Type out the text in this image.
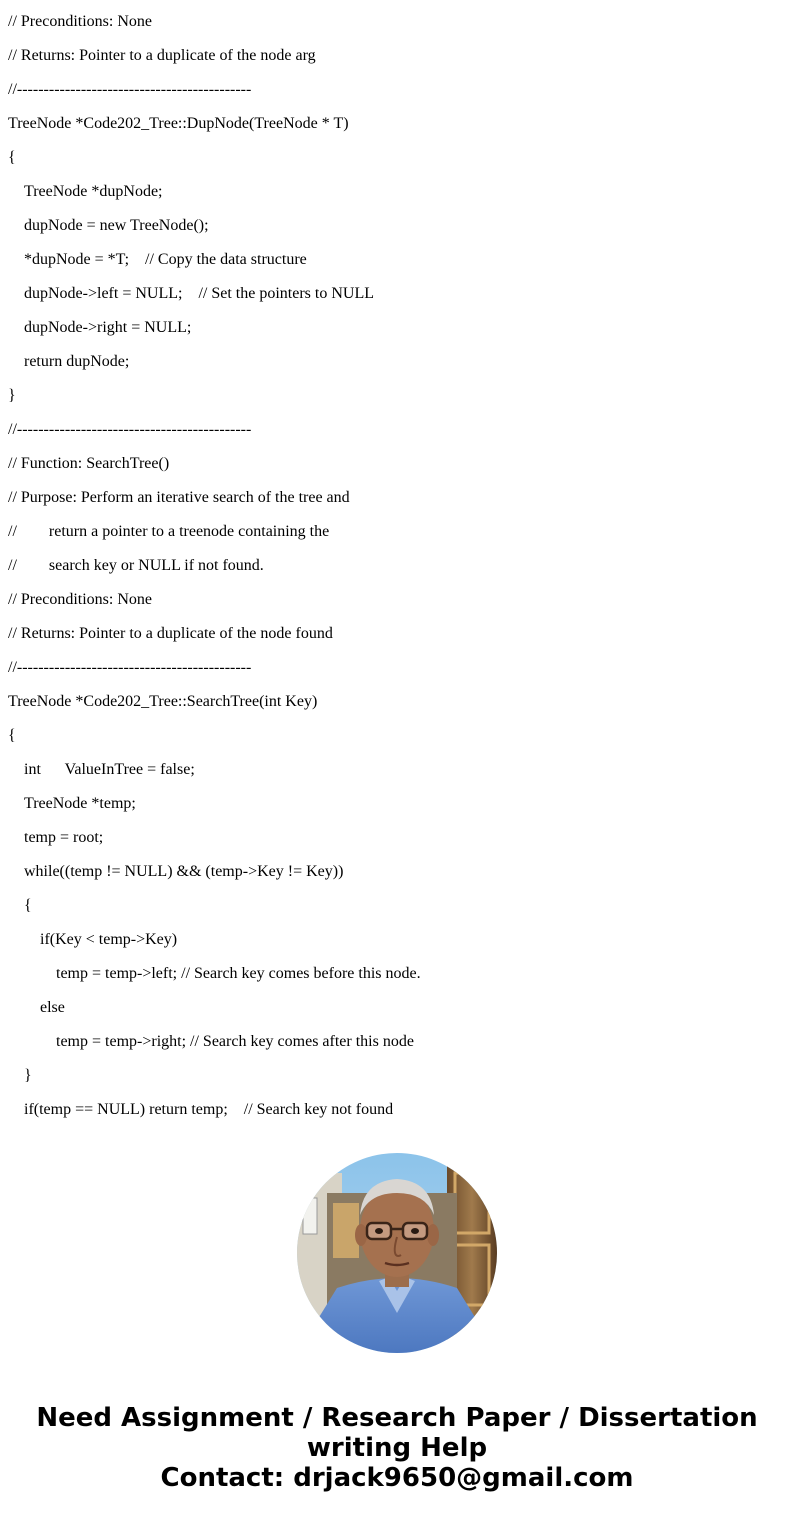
// Preconditions: None
// Returns: Pointer to a duplicate of the node arg
//--------------------------------------------
TreeNode *Code202_Tree::DupNode(TreeNode * T)
{
TreeNode *dupNode;
dupNode = new TreeNode();
*dupNode = *T;    // Copy the data structure
dupNode->left = NULL;    // Set the pointers to NULL
dupNode->right = NULL;
return dupNode;
}
//--------------------------------------------
// Function: SearchTree()
// Purpose: Perform an iterative search of the tree and
//        return a pointer to a treenode containing the
//        search key or NULL if not found.
// Preconditions: None
// Returns: Pointer to a duplicate of the node found
//--------------------------------------------
TreeNode *Code202_Tree::SearchTree(int Key)
{
int      ValueInTree = false;
TreeNode *temp;
temp = root;
while((temp != NULL) && (temp->Key != Key))
{
if(Key < temp->Key)
temp = temp->left; // Search key comes before this node.
else
temp = temp->right; // Search key comes after this node
}
if(temp == NULL) return temp;    // Search key not found
Need Assignment / Research Paper / Dissertation
writing Help
Contact: drjack9650@gmail.com
